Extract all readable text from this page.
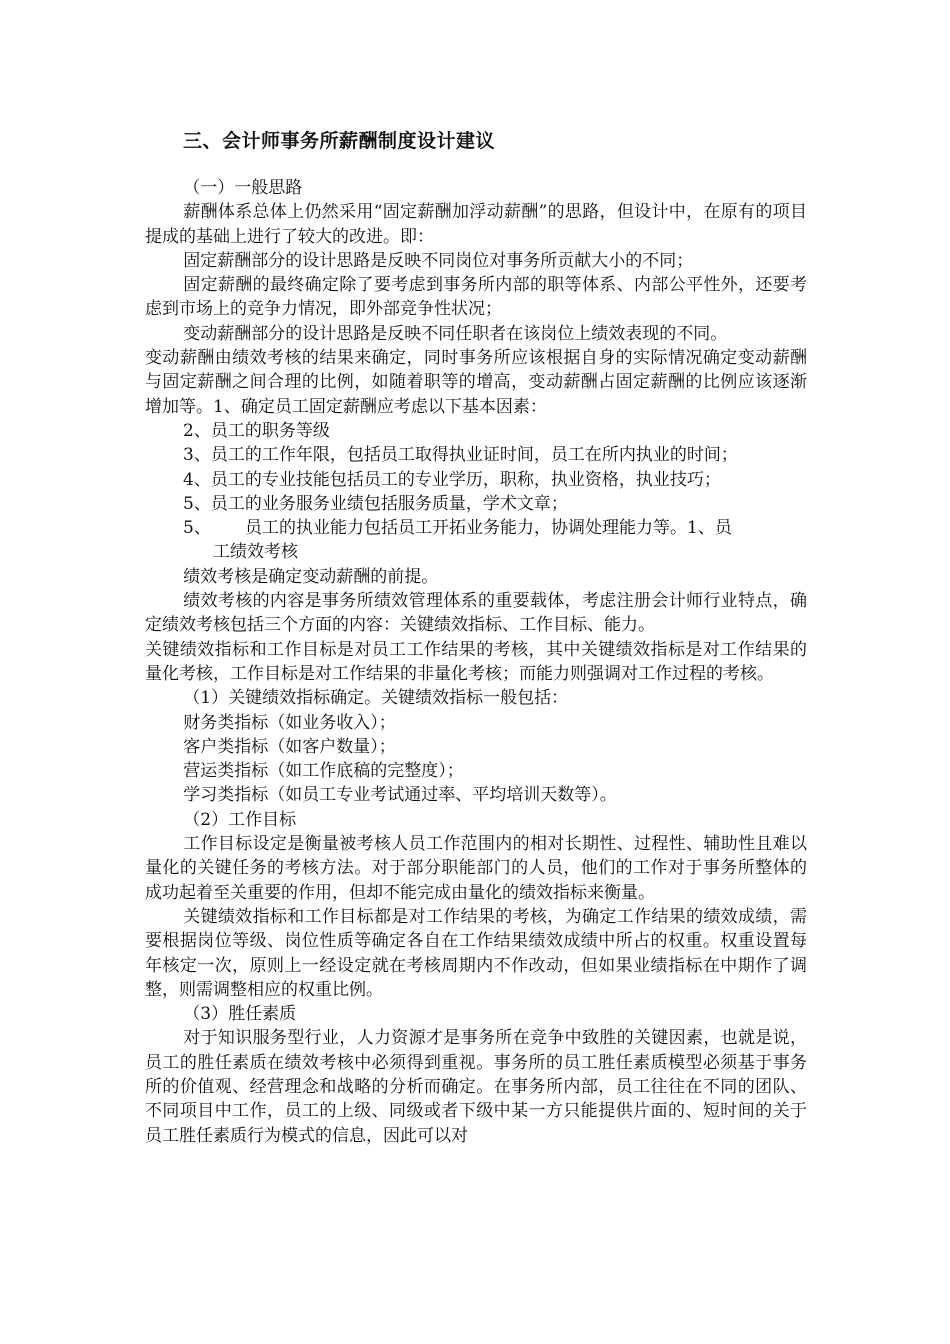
三、会计师事务所薪酬制度设计建议

（一）一般思路

薪酬体系总体上仍然采用“固定薪酬加浮动薪酬”的思路，但设计中，在原有的项目提成的基础上进行了较大的改进。即：

固定薪酬部分的设计思路是反映不同岗位对事务所贡献大小的不同；

固定薪酬的最终确定除了要考虑到事务所内部的职等体系、内部公平性外，还要考虑到市场上的竞争力情况，即外部竞争性状况；

变动薪酬部分的设计思路是反映不同任职者在该岗位上绩效表现的不同。

变动薪酬由绩效考核的结果来确定，同时事务所应该根据自身的实际情况确定变动薪酬与固定薪酬之间合理的比例，如随着职等的增高，变动薪酬占固定薪酬的比例应该逐渐增加等。1、确定员工固定薪酬应考虑以下基本因素：

2、员工的职务等级

3、员工的工作年限，包括员工取得执业证时间，员工在所内执业的时间；

4、员工的专业技能包括员工的专业学历，职称，执业资格，执业技巧；

5、员工的业务服务业绩包括服务质量，学术文章；

5、 员工的执业能力包括员工开拓业务能力，协调处理能力等。1、员
工绩效考核

绩效考核是确定变动薪酬的前提。

绩效考核的内容是事务所绩效管理体系的重要载体，考虑注册会计师行业特点，确定绩效考核包括三个方面的内容：关键绩效指标、工作目标、能力。

关键绩效指标和工作目标是对员工工作结果的考核，其中关键绩效指标是对工作结果的量化考核，工作目标是对工作结果的非量化考核；而能力则强调对工作过程的考核。

（1）关键绩效指标确定。关键绩效指标一般包括：

财务类指标（如业务收入）；

客户类指标（如客户数量）；

营运类指标（如工作底稿的完整度）；

学习类指标（如员工专业考试通过率、平均培训天数等）。

（2）工作目标

工作目标设定是衡量被考核人员工作范围内的相对长期性、过程性、辅助性且难以量化的关键任务的考核方法。对于部分职能部门的人员，他们的工作对于事务所整体的成功起着至关重要的作用，但却不能完成由量化的绩效指标来衡量。

关键绩效指标和工作目标都是对工作结果的考核，为确定工作结果的绩效成绩，需要根据岗位等级、岗位性质等确定各自在工作结果绩效成绩中所占的权重。权重设置每年核定一次，原则上一经设定就在考核周期内不作改动，但如果业绩指标在中期作了调整，则需调整相应的权重比例。

（3）胜任素质

对于知识服务型行业，人力资源才是事务所在竞争中致胜的关键因素，也就是说，员工的胜任素质在绩效考核中必须得到重视。事务所的员工胜任素质模型必须基于事务所的价值观、经营理念和战略的分析而确定。在事务所内部，员工往往在不同的团队、不同项目中工作，员工的上级、同级或者下级中某一方只能提供片面的、短时间的关于员工胜任素质行为模式的信息，因此可以对
